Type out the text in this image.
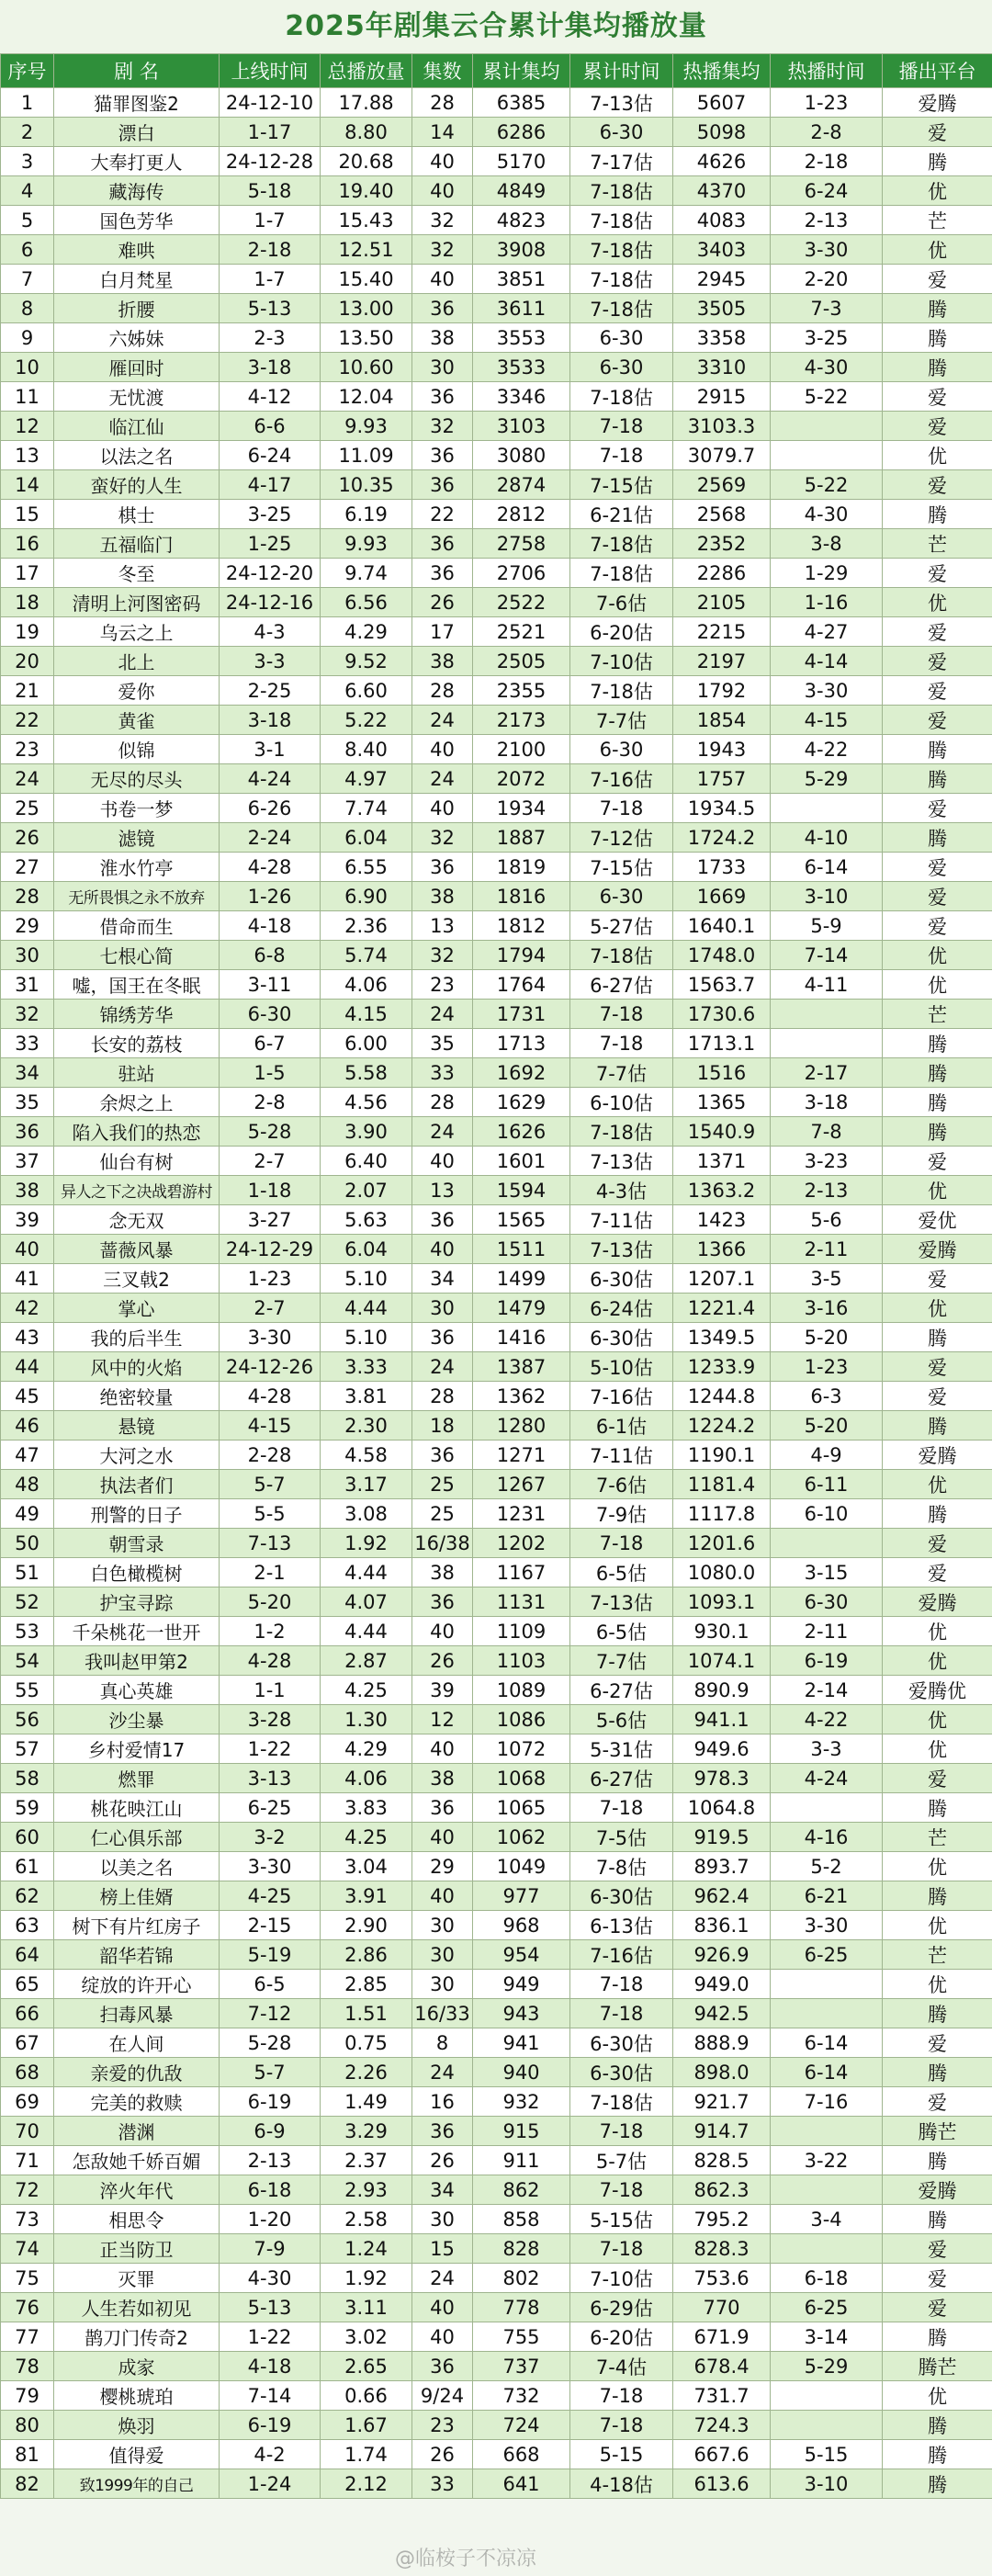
2025年剧集云合累计集均播放量
序号	剧 名	上线时间	总播放量	集数	累计集均	累计时间	热播集均	热播时间	播出平台
1	猫罪图鉴2	24-12-10	17.88	28	6385	7-13估	5607	1-23	爱腾
2	漂白	1-17	8.80	14	6286	6-30	5098	2-8	爱
3	大奉打更人	24-12-28	20.68	40	5170	7-17估	4626	2-18	腾
4	藏海传	5-18	19.40	40	4849	7-18估	4370	6-24	优
5	国色芳华	1-7	15.43	32	4823	7-18估	4083	2-13	芒
6	难哄	2-18	12.51	32	3908	7-18估	3403	3-30	优
7	白月梵星	1-7	15.40	40	3851	7-18估	2945	2-20	爱
8	折腰	5-13	13.00	36	3611	7-18估	3505	7-3	腾
9	六姊妹	2-3	13.50	38	3553	6-30	3358	3-25	腾
10	雁回时	3-18	10.60	30	3533	6-30	3310	4-30	腾
11	无忧渡	4-12	12.04	36	3346	7-18估	2915	5-22	爱
12	临江仙	6-6	9.93	32	3103	7-18	3103.3		爱
13	以法之名	6-24	11.09	36	3080	7-18	3079.7		优
14	蛮好的人生	4-17	10.35	36	2874	7-15估	2569	5-22	爱
15	棋士	3-25	6.19	22	2812	6-21估	2568	4-30	腾
16	五福临门	1-25	9.93	36	2758	7-18估	2352	3-8	芒
17	冬至	24-12-20	9.74	36	2706	7-18估	2286	1-29	爱
18	清明上河图密码	24-12-16	6.56	26	2522	7-6估	2105	1-16	优
19	乌云之上	4-3	4.29	17	2521	6-20估	2215	4-27	爱
20	北上	3-3	9.52	38	2505	7-10估	2197	4-14	爱
21	爱你	2-25	6.60	28	2355	7-18估	1792	3-30	爱
22	黄雀	3-18	5.22	24	2173	7-7估	1854	4-15	爱
23	似锦	3-1	8.40	40	2100	6-30	1943	4-22	腾
24	无尽的尽头	4-24	4.97	24	2072	7-16估	1757	5-29	腾
25	书卷一梦	6-26	7.74	40	1934	7-18	1934.5		爱
26	滤镜	2-24	6.04	32	1887	7-12估	1724.2	4-10	腾
27	淮水竹亭	4-28	6.55	36	1819	7-15估	1733	6-14	爱
28	无所畏惧之永不放弃	1-26	6.90	38	1816	6-30	1669	3-10	爱
29	借命而生	4-18	2.36	13	1812	5-27估	1640.1	5-9	爱
30	七根心简	6-8	5.74	32	1794	7-18估	1748.0	7-14	优
31	嘘，国王在冬眠	3-11	4.06	23	1764	6-27估	1563.7	4-11	优
32	锦绣芳华	6-30	4.15	24	1731	7-18	1730.6		芒
33	长安的荔枝	6-7	6.00	35	1713	7-18	1713.1		腾
34	驻站	1-5	5.58	33	1692	7-7估	1516	2-17	腾
35	余烬之上	2-8	4.56	28	1629	6-10估	1365	3-18	腾
36	陷入我们的热恋	5-28	3.90	24	1626	7-18估	1540.9	7-8	腾
37	仙台有树	2-7	6.40	40	1601	7-13估	1371	3-23	爱
38	异人之下之决战碧游村	1-18	2.07	13	1594	4-3估	1363.2	2-13	优
39	念无双	3-27	5.63	36	1565	7-11估	1423	5-6	爱优
40	蔷薇风暴	24-12-29	6.04	40	1511	7-13估	1366	2-11	爱腾
41	三叉戟2	1-23	5.10	34	1499	6-30估	1207.1	3-5	爱
42	掌心	2-7	4.44	30	1479	6-24估	1221.4	3-16	优
43	我的后半生	3-30	5.10	36	1416	6-30估	1349.5	5-20	腾
44	风中的火焰	24-12-26	3.33	24	1387	5-10估	1233.9	1-23	爱
45	绝密较量	4-28	3.81	28	1362	7-16估	1244.8	6-3	爱
46	悬镜	4-15	2.30	18	1280	6-1估	1224.2	5-20	腾
47	大河之水	2-28	4.58	36	1271	7-11估	1190.1	4-9	爱腾
48	执法者们	5-7	3.17	25	1267	7-6估	1181.4	6-11	优
49	刑警的日子	5-5	3.08	25	1231	7-9估	1117.8	6-10	腾
50	朝雪录	7-13	1.92	16/38	1202	7-18	1201.6		爱
51	白色橄榄树	2-1	4.44	38	1167	6-5估	1080.0	3-15	爱
52	护宝寻踪	5-20	4.07	36	1131	7-13估	1093.1	6-30	爱腾
53	千朵桃花一世开	1-2	4.44	40	1109	6-5估	930.1	2-11	优
54	我叫赵甲第2	4-28	2.87	26	1103	7-7估	1074.1	6-19	优
55	真心英雄	1-1	4.25	39	1089	6-27估	890.9	2-14	爱腾优
56	沙尘暴	3-28	1.30	12	1086	5-6估	941.1	4-22	优
57	乡村爱情17	1-22	4.29	40	1072	5-31估	949.6	3-3	优
58	燃罪	3-13	4.06	38	1068	6-27估	978.3	4-24	爱
59	桃花映江山	6-25	3.83	36	1065	7-18	1064.8		腾
60	仁心俱乐部	3-2	4.25	40	1062	7-5估	919.5	4-16	芒
61	以美之名	3-30	3.04	29	1049	7-8估	893.7	5-2	优
62	榜上佳婿	4-25	3.91	40	977	6-30估	962.4	6-21	腾
63	树下有片红房子	2-15	2.90	30	968	6-13估	836.1	3-30	优
64	韶华若锦	5-19	2.86	30	954	7-16估	926.9	6-25	芒
65	绽放的许开心	6-5	2.85	30	949	7-18	949.0		优
66	扫毒风暴	7-12	1.51	16/33	943	7-18	942.5		腾
67	在人间	5-28	0.75	8	941	6-30估	888.9	6-14	爱
68	亲爱的仇敌	5-7	2.26	24	940	6-30估	898.0	6-14	腾
69	完美的救赎	6-19	1.49	16	932	7-18估	921.7	7-16	爱
70	潜渊	6-9	3.29	36	915	7-18	914.7		腾芒
71	怎敌她千娇百媚	2-13	2.37	26	911	5-7估	828.5	3-22	腾
72	淬火年代	6-18	2.93	34	862	7-18	862.3		爱腾
73	相思令	1-20	2.58	30	858	5-15估	795.2	3-4	腾
74	正当防卫	7-9	1.24	15	828	7-18	828.3		爱
75	灭罪	4-30	1.92	24	802	7-10估	753.6	6-18	爱
76	人生若如初见	5-13	3.11	40	778	6-29估	770	6-25	爱
77	鹊刀门传奇2	1-22	3.02	40	755	6-20估	671.9	3-14	腾
78	成家	4-18	2.65	36	737	7-4估	678.4	5-29	腾芒
79	樱桃琥珀	7-14	0.66	9/24	732	7-18	731.7		优
80	焕羽	6-19	1.67	23	724	7-18	724.3		腾
81	值得爱	4-2	1.74	26	668	5-15	667.6	5-15	腾
82	致1999年的自己	1-24	2.12	33	641	4-18估	613.6	3-10	腾
@临桉子不凉凉
